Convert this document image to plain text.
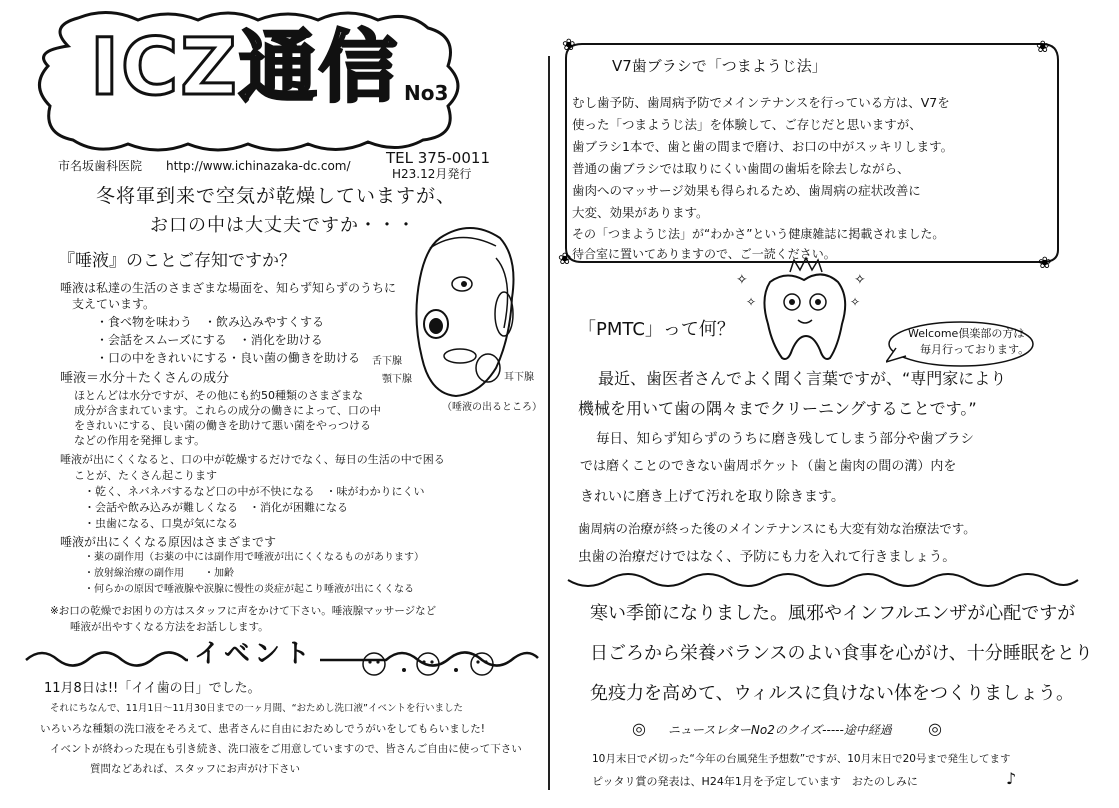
ICZ通信 No3
市名坂歯科医院 http://www.ichinazaka-dc.com/ TEL 375-0011
H23.12月発行
冬将軍到来で空気が乾燥していますが、
お口の中は大丈夫ですか・・・
『唾液』のことご存知ですか？
舌下腺
顎下腺	耳下腺
（唾液の出るところ）
唾液は私達の生活のさまざまな場面を、知らず知らずのうちに
支えています。
・食べ物を味わう　・飲み込みやすくする
・会話をスムーズにする　・消化を助ける
・口の中をきれいにする・良い菌の働きを助ける
唾液＝水分＋たくさんの成分
ほとんどは水分ですが、その他にも約50種類のさまざまな
成分が含まれています。これらの成分の働きによって、口の中
をきれいにする、良い菌の働きを助けて悪い菌をやっつける
などの作用を発揮します。
唾液が出にくくなると、口の中が乾燥するだけでなく、毎日の生活の中で困る
ことが、たくさん起こります
・乾く、ネバネバするなど口の中が不快になる　・味がわかりにくい
・会話や飲み込みが難しくなる　・消化が困難になる
・虫歯になる、口臭が気になる
唾液が出にくくなる原因はさまざまです
・薬の副作用（お薬の中には副作用で唾液が出にくくなるものがあります）
・放射線治療の副作用　　・加齢
・何らかの原因で唾液腺や涙腺に慢性の炎症が起こり唾液が出にくくなる
※お口の乾燥でお困りの方はスタッフに声をかけて下さい。唾液腺マッサージなど
唾液が出やすくなる方法をお話しします。
イベント
11月8日は!!「イイ歯の日」でした。
それにちなんで、11月1日～11月30日までの一ヶ月間、“おためし洗口液”イベントを行いました
いろいろな種類の洗口液をそろえて、患者さんに自由におためしでうがいをしてもらいました!
イベントが終わった現在も引き続き、洗口液をご用意していますので、皆さんご自由に使って下さい
質問などあれば、スタッフにお声がけ下さい
❀	❀
❀	❀
V7歯ブラシで「つまようじ法」
むし歯予防、歯周病予防でメインテナンスを行っている方は、V7を
使った「つまようじ法」を体験して、ご存じだと思いますが、
歯ブラシ1本で、歯と歯の間まで磨け、お口の中がスッキリします。
普通の歯ブラシでは取りにくい歯間の歯垢を除去しながら、
歯肉へのマッサージ効果も得られるため、歯周病の症状改善に
大変、効果があります。
その「つまようじ法」が“わかさ”という健康雑誌に掲載されました。
待合室に置いてありますので、ご一読ください。
✧
✧
✧
✧
「PMTC」って何？	Welcome倶楽部の方は
毎月行っております。
最近、歯医者さんでよく聞く言葉ですが、“専門家により
機械を用いて歯の隅々までクリーニングすることです。”
毎日、知らず知らずのうちに磨き残してしまう部分や歯ブラシ
では磨くことのできない歯周ポケット（歯と歯肉の間の溝）内を
きれいに磨き上げて汚れを取り除きます。
歯周病の治療が終った後のメインテナンスにも大変有効な治療法です。
虫歯の治療だけではなく、予防にも力を入れて行きましょう。
寒い季節になりました。風邪やインフルエンザが心配ですが
日ごろから栄養バランスのよい食事を心がけ、十分睡眠をとり
免疫力を高めて、ウィルスに負けない体をつくりましょう。
◎ ニュースレターNo2のクイズ-----途中経過 ◎
10月末日で〆切った“今年の台風発生予想数”ですが、10月末日で20号まで発生してます
ピッタリ賞の発表は、H24年1月を予定しています　おたのしみに	♪
